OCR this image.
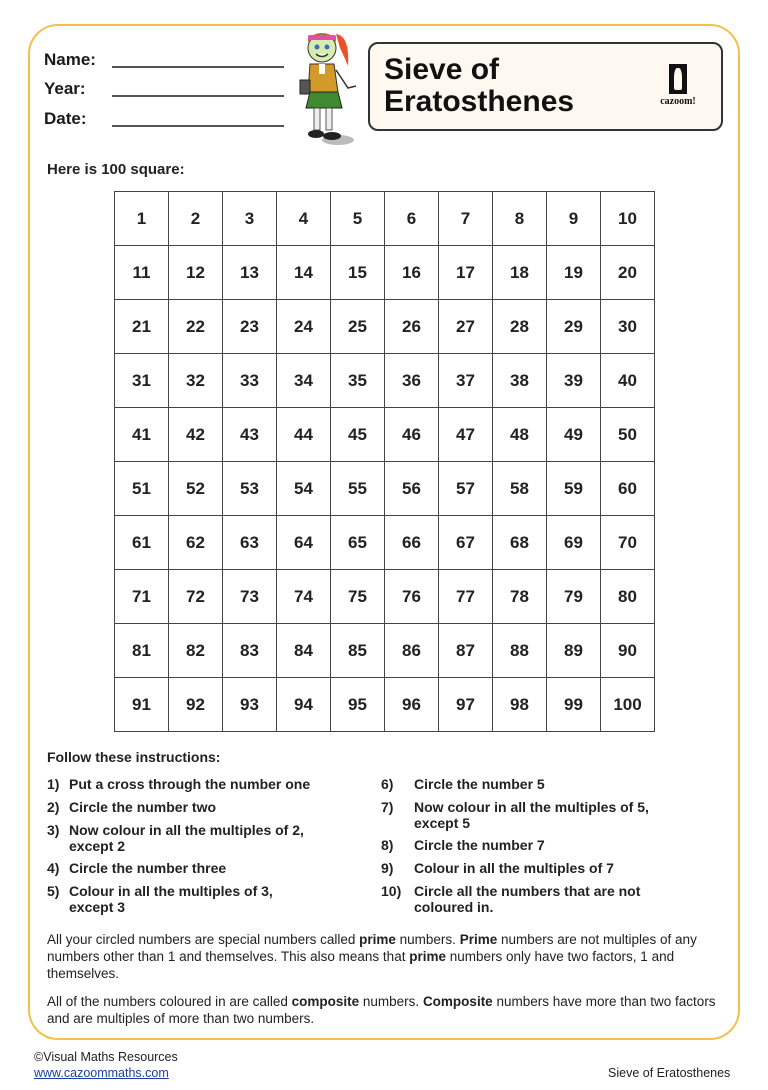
Name:
Year:
Date:
Sieve of
Eratosthenes	cazoom!
Here is 100 square:
1	2	3	4	5	6	7	8	9	10
11	12	13	14	15	16	17	18	19	20
21	22	23	24	25	26	27	28	29	30
31	32	33	34	35	36	37	38	39	40
41	42	43	44	45	46	47	48	49	50
51	52	53	54	55	56	57	58	59	60
61	62	63	64	65	66	67	68	69	70
71	72	73	74	75	76	77	78	79	80
81	82	83	84	85	86	87	88	89	90
91	92	93	94	95	96	97	98	99	100
Follow these instructions:
1) Put a cross through the number one
2) Circle the number two
3) Now colour in all the multiples of 2, except 2
4) Circle the number three
5) Colour in all the multiples of 3, except 3
6) Circle the number 5
7) Now colour in all the multiples of 5, except 5
8) Circle the number 7
9) Colour in all the multiples of 7
10) Circle all the numbers that are not coloured in.
All your circled numbers are special numbers called prime numbers. Prime numbers are not multiples of any numbers other than 1 and themselves. This also means that prime numbers only have two factors, 1 and themselves.
All of the numbers coloured in are called composite numbers. Composite numbers have more than two factors and are multiples of more than two numbers.
©Visual Maths Resources
www.cazoommaths.com	Sieve of Eratosthenes
